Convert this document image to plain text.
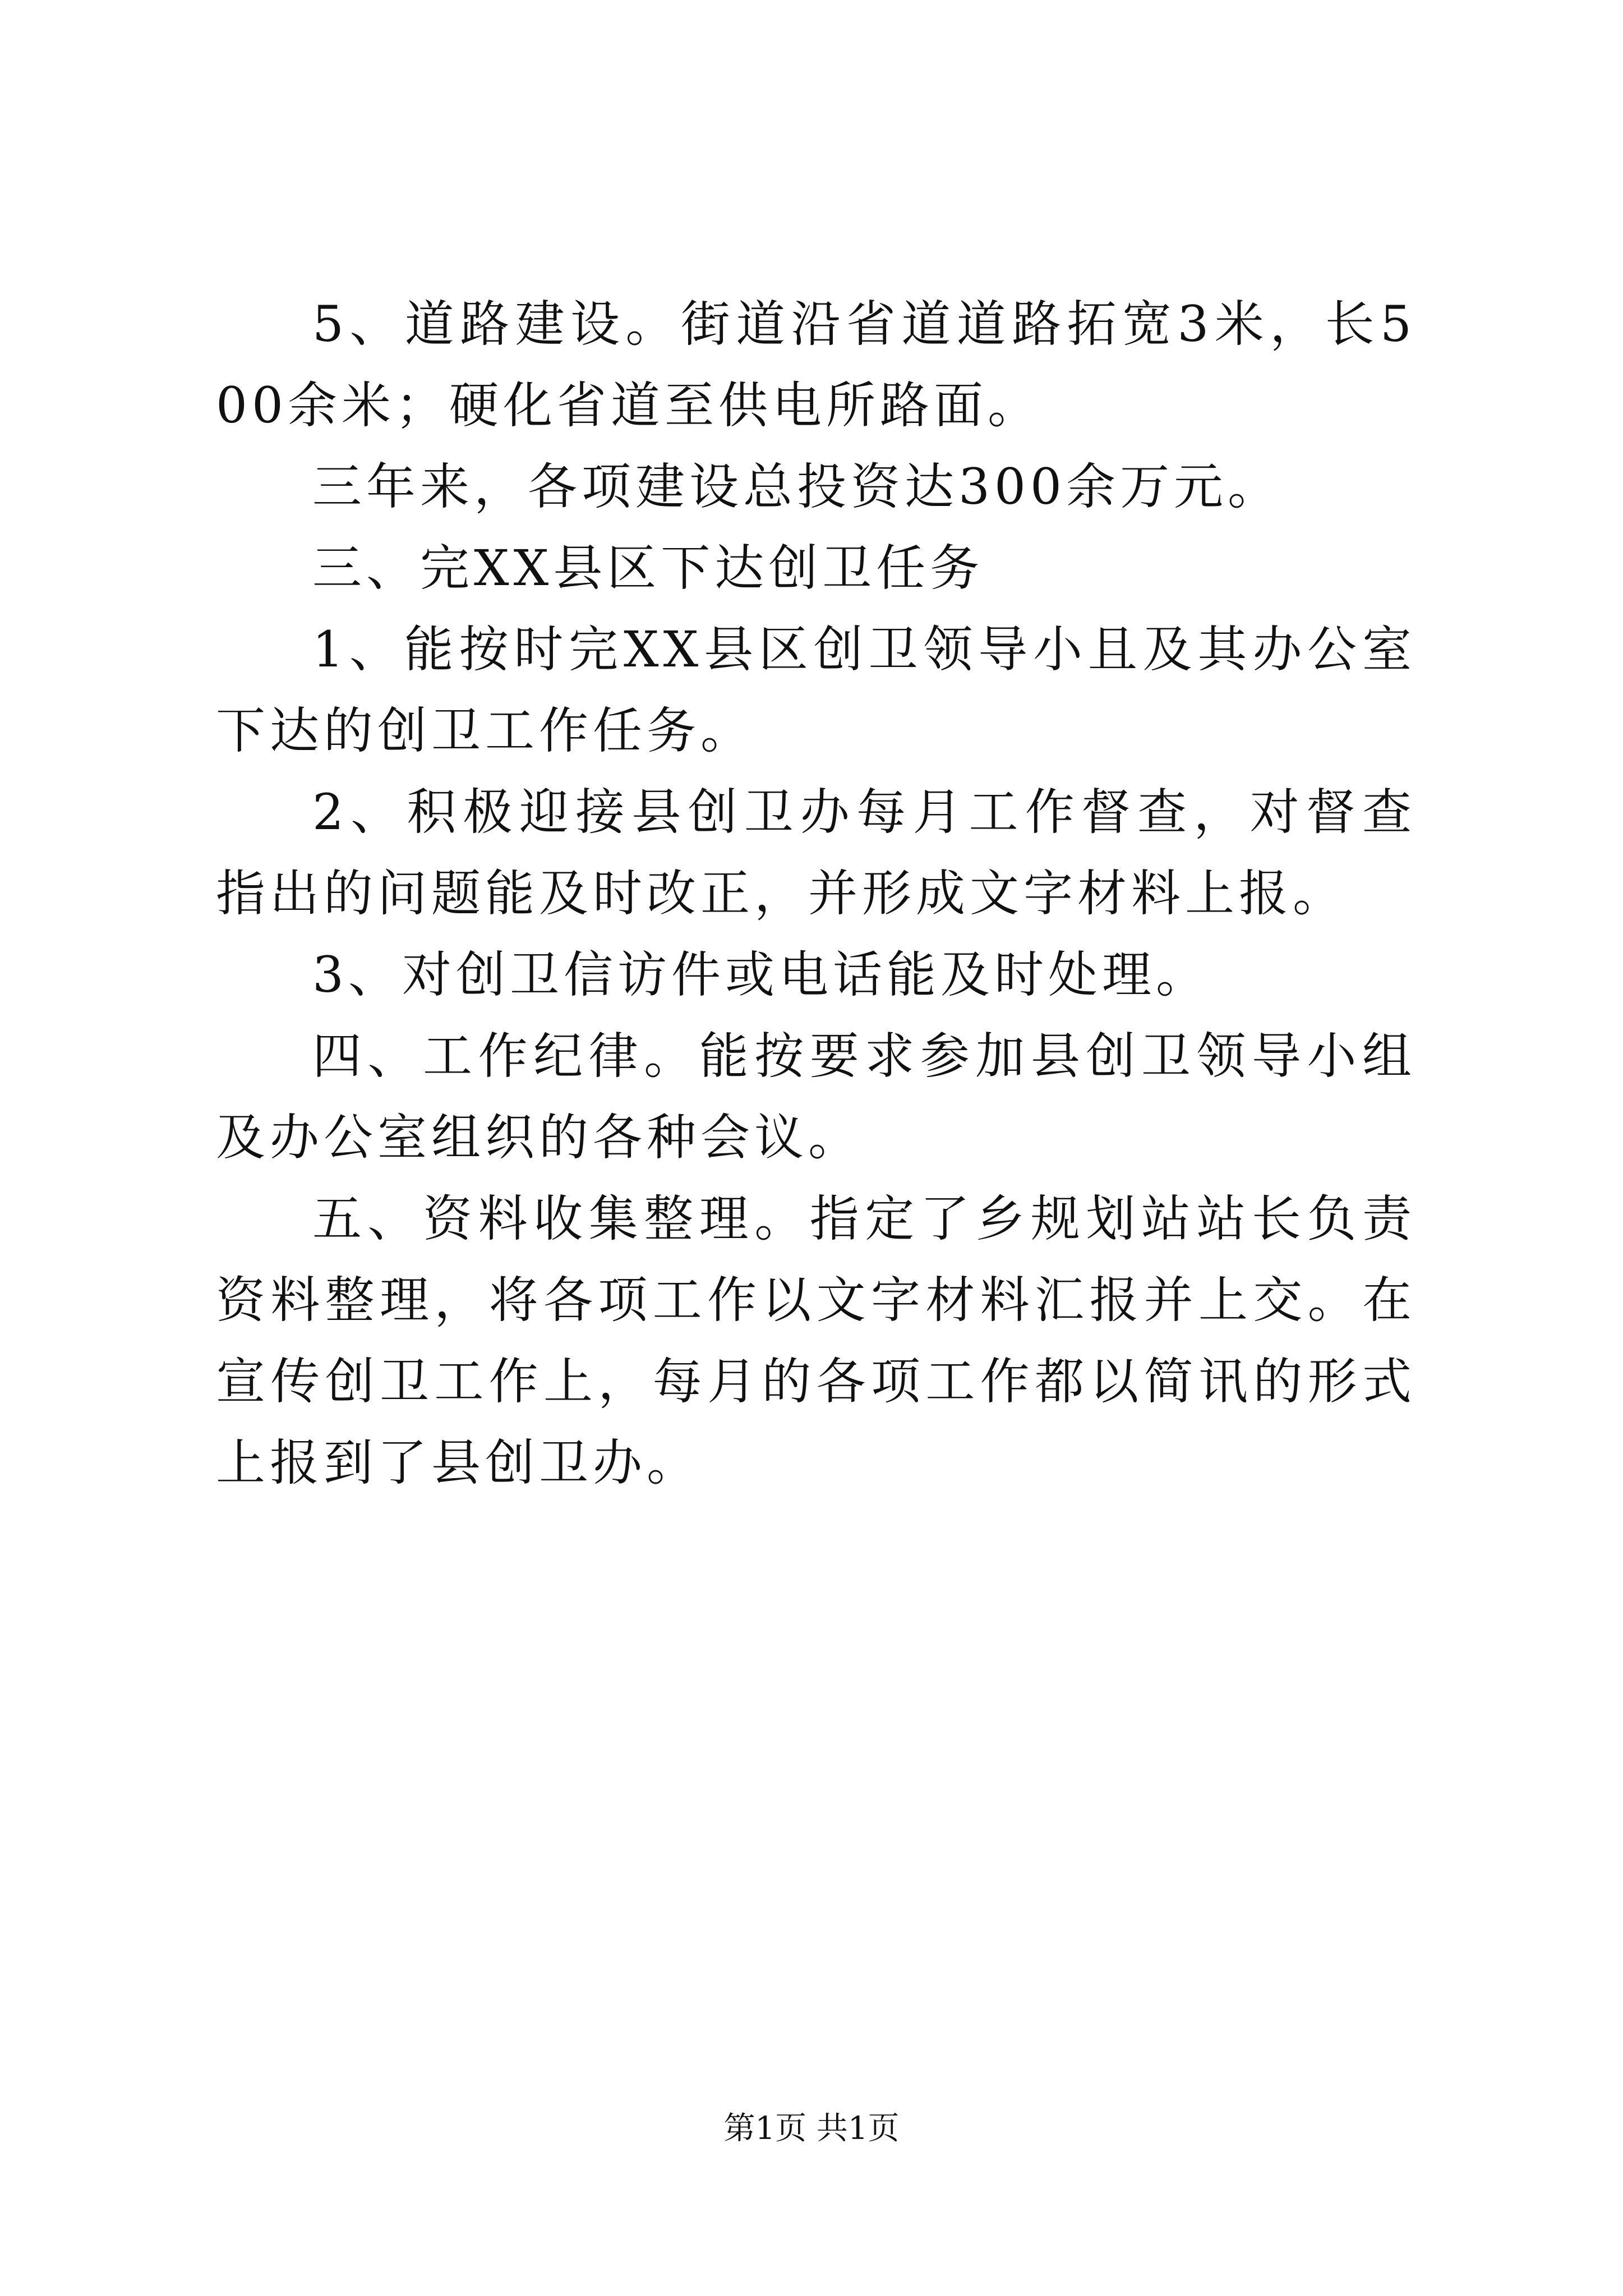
5、道路建设。街道沿省道道路拓宽3米，长500余米；硬化省道至供电所路面。

三年来，各项建设总投资达300余万元。

三、完XX县区下达创卫任务

1、能按时完XX县区创卫领导小且及其办公室下达的创卫工作任务。

2、积极迎接县创卫办每月工作督查，对督查指出的问题能及时改正，并形成文字材料上报。

3、对创卫信访件或电话能及时处理。

四、工作纪律。能按要求参加县创卫领导小组及办公室组织的各种会议。

五、资料收集整理。指定了乡规划站站长负责资料整理，将各项工作以文字材料汇报并上交。在宣传创卫工作上，每月的各项工作都以简讯的形式上报到了县创卫办。

第1页 共1页
